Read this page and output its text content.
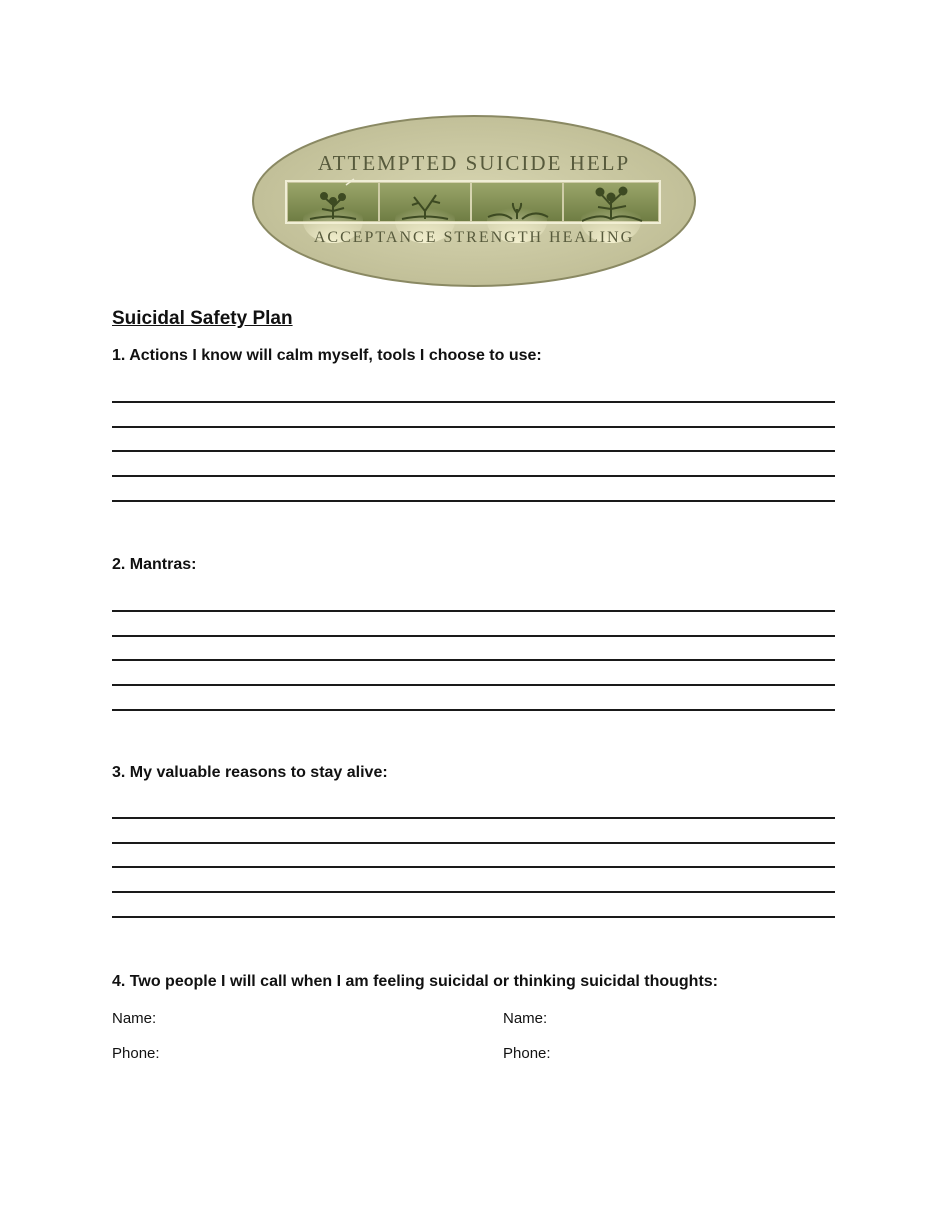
ATTEMPTED SUICIDE HELP
ACCEPTANCE STRENGTH HEALING
Suicidal Safety Plan
1. Actions I know will calm myself, tools I choose to use:
2. Mantras:
3. My valuable reasons to stay alive:
4. Two people I will call when I am feeling suicidal or thinking suicidal thoughts:
Name:
Phone:
Name:
Phone:
